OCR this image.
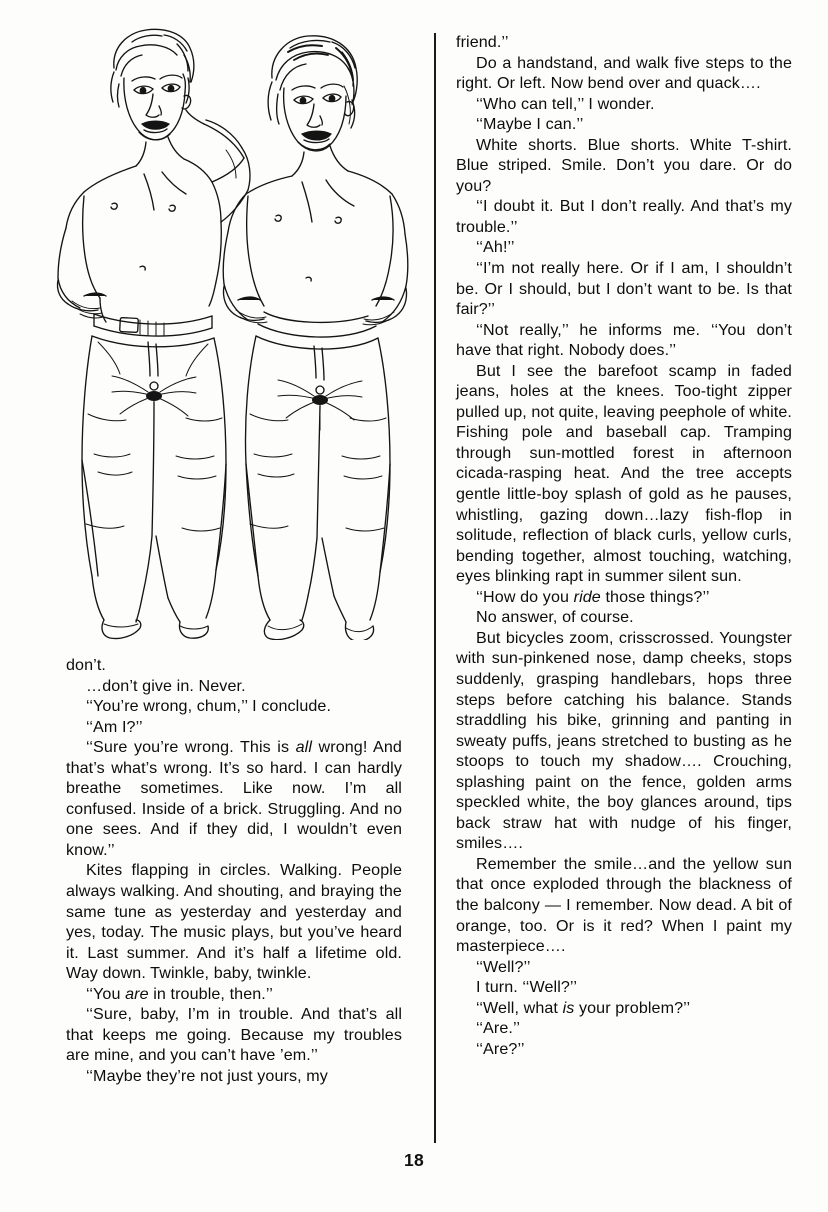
don’t.

…don’t give in. Never.

‘‘You’re wrong, chum,’’ I conclude.

‘‘Am I?’’

‘‘Sure you’re wrong. This is all wrong! And that’s what’s wrong. It’s so hard. I can hardly breathe sometimes. Like now. I’m all confused. Inside of a brick. Struggling. And no one sees. And if they did, I wouldn’t even know.’’

Kites flapping in circles. Walking. People always walking. And shouting, and braying the same tune as yesterday and yesterday and yes, today. The music plays, but you’ve heard it. Last summer. And it’s half a lifetime old. Way down. Twinkle, baby, twinkle.

‘‘You are in trouble, then.’’

‘‘Sure, baby, I’m in trouble. And that’s all that keeps me going. Because my troubles are mine, and you can’t have ’em.’’

‘‘Maybe they’re not just yours, my

friend.’’

Do a handstand, and walk five steps to the right. Or left. Now bend over and quack….

‘‘Who can tell,’’ I wonder.

‘‘Maybe I can.’’

White shorts. Blue shorts. White T-shirt. Blue striped. Smile. Don’t you dare. Or do you?

‘‘I doubt it. But I don’t really. And that’s my trouble.’’

‘‘Ah!’’

‘‘I’m not really here. Or if I am, I shouldn’t be. Or I should, but I don’t want to be. Is that fair?’’

‘‘Not really,’’ he informs me. ‘‘You don’t have that right. Nobody does.’’

But I see the barefoot scamp in faded jeans, holes at the knees. Too-tight zipper pulled up, not quite, leaving peephole of white. Fishing pole and baseball cap. Tramping through sun-mottled forest in afternoon cicada-rasping heat. And the tree accepts gentle little-boy splash of gold as he pauses, whistling, gazing down…lazy fish-flop in solitude, reflection of black curls, yellow curls, bending together, almost touching, watching, eyes blinking rapt in summer silent sun.

‘‘How do you ride those things?’’

No answer, of course.

But bicycles zoom, crisscrossed. Youngster with sun-pinkened nose, damp cheeks, stops suddenly, grasping handlebars, hops three steps before catching his balance. Stands straddling his bike, grinning and panting in sweaty puffs, jeans stretched to busting as he stoops to touch my shadow…. Crouching, splashing paint on the fence, golden arms speckled white, the boy glances around, tips back straw hat with nudge of his finger, smiles….

Remember the smile…and the yellow sun that once exploded through the blackness of the balcony — I remember. Now dead. A bit of orange, too. Or is it red? When I paint my masterpiece….

‘‘Well?’’

I turn. ‘‘Well?’’

‘‘Well, what is your problem?’’

‘‘Are.’’

‘‘Are?’’

18
